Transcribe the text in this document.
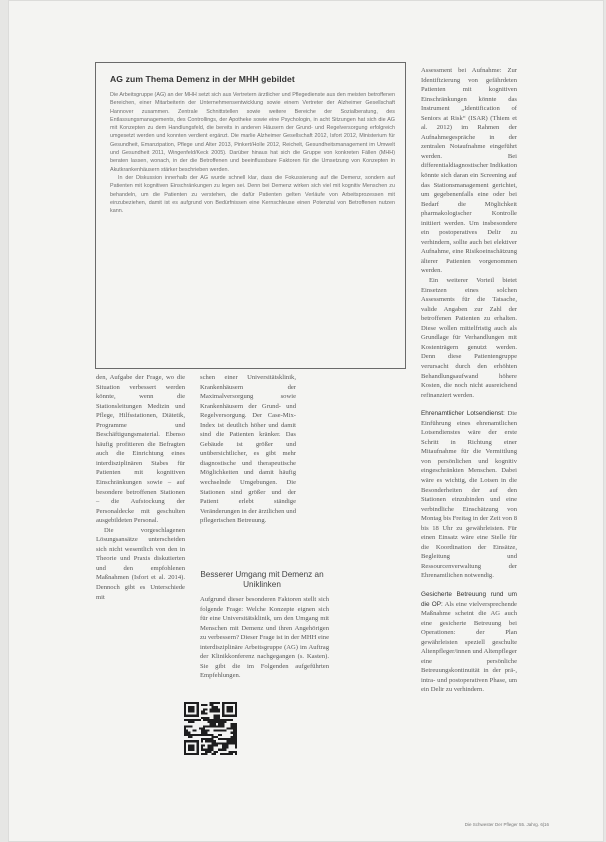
AG zum Thema Demenz in der MHH gebildet

Die Arbeitsgruppe (AG) an der MHH setzt sich aus Vertretern ärztlicher und Pflegedienste aus den meisten betroffenen Bereichen, einer Mitarbeiterin der Unternehmensentwicklung sowie einem Vertreter der Alzheimer Gesellschaft Hannover zusammen. Zentrale Schnittstellen sowie weitere Bereiche der Sozialberatung, des Entlassungsmanagements, des Controllings, der Apotheke sowie eine Psychologin, in acht Sitzungen hat sich die AG mit Konzepten zu dem Handlungsfeld, die bereits in anderen Häusern der Grund- und Regelversorgung erfolgreich umgesetzt werden und konnten verdient ergänzt. Die marlie Alzheimer Gesellschaft 2012, Isfort 2012, Ministerium für Gesundheit, Emanzipation, Pflege und Alter 2013, Pinkert/Holle 2012, Reichelt, Gesundheitsmanagement im Umwelt und Gesundheit 2011, Wingenfeld/Keck 2005). Darüber hinaus hat sich die Gruppe von konkreten Fällen (MHH) beraten lassen, wonach, in der die Betroffenen und beeinflussbare Faktoren für die Umsetzung von Konzepten in Akutkrankenhäusern stärker beschrieben werden.

In der Diskussion innerhalb der AG wurde schnell klar, dass die Fokussierung auf die Demenz, sondern auf Patienten mit kognitiven Einschränkungen zu legen sei. Denn bei Demenz wirken sich viel mit kognitiv Menschen zu behandeln, um die Patienten zu verstehen, die dafür Patienten gelten Verläufe von Arbeitsprozessen mit einzubeziehen, damit ist es aufgrund von Bedürfnissen eine Kernschleuse einen Potenzial von Betroffenen nutzen kann.

den, Aufgabe der Frage, wo die Situation verbessert werden könnte, wenn die Stationsleitungen Medizin und Pflege, Hilfsstationen, Diätetik, Programme und Beschäftigungsmaterial. Ebenso häufig profitieren die Befragten auch die Einrichtung eines interdisziplinären Stabes für Patienten mit kognitiven Einschränkungen sowie – auf besondere betroffenen Stationen – die Aufstockung der Personaldecke mit geschulten ausgebildeten Personal.

Die vorgeschlagenen Lösungsansätze unterscheiden sich nicht wesentlich von den in Theorie und Praxis diskutierten und den empfohlenen Maßnahmen (Isfort et al. 2014). Dennoch gibt es Unterschiede mit

schen einer Universitätsklinik, Krankenhäusern der Maximalversorgung sowie Krankenhäusern der Grund- und Regelversorgung. Der Case-Mix-Index ist deutlich höher und damit sind die Patienten kränker. Das Gebäude ist größer und unübersichtlicher, es gibt mehr diagnostische und therapeutische Möglichkeiten und damit häufig wechselnde Umgebungen. Die Stationen sind größer und der Patient erlebt ständige Veränderungen in der ärztlichen und pflegerischen Betreuung.

Besserer Umgang mit Demenz an Uniklinken

Aufgrund dieser besonderen Faktoren stellt sich folgende Frage: Welche Konzepte eignen sich für eine Universitätsklinik, um den Umgang mit Menschen mit Demenz und ihren Angehörigen zu verbessern? Dieser Frage ist in der MHH eine interdisziplinäre Arbeitsgruppe (AG) im Auftrag der Klinikkonferenz nachgegangen (s. Kasten). Sie gibt die im Folgenden aufgeführten Empfehlungen.

Assessment bei Aufnahme: Zur Identifizierung von gefährdeten Patienten mit kognitiven Einschränkungen könnte das Instrument „Identification of Seniors at Risk“ (ISAR) (Thiem et al. 2012) im Rahmen der Aufnahmegespräche in der zentralen Notaufnahme eingeführt werden. Bei differentialdiagnostischer Indikation könnte sich daran ein Screening auf das Stationsmanagement gerichtet, um gegebenenfalls eine oder bei Bedarf die Möglichkeit pharmakologischer Kontrolle initiiert werden. Um insbesondere ein postoperatives Delir zu verhindern, sollte auch bei elektiver Aufnahme, eine Risikoeinschätzung älterer Patienten vorgenommen werden.

Ein weiterer Vorteil bietet Einsetzen eines solchen Assessments für die Tatsache, valide Angaben zur Zahl der betroffenen Patienten zu erhalten. Diese wollen mittelfristig auch als Grundlage für Verhandlungen mit Kostenträgern genutzt werden. Denn diese Patientengruppe verursacht durch den erhöhten Behandlungsaufwand höhere Kosten, die noch nicht ausreichend refinanziert werden.

Ehrenamtlicher Lotsendienst: Die Einführung eines ehrenamtlichen Lotsendienstes wäre der erste Schritt in Richtung einer Mitaufnahme für die Vermittlung von persönlichen und kognitiv eingeschränkten Menschen. Dabei wäre es wichtig, die Lotsen in die Besonderheiten der auf den Stationen einzubinden und eine verbindliche Einschätzung von Montag bis Freitag in der Zeit von 8 bis 18 Uhr zu gewährleisten. Für einen Einsatz wäre eine Stelle für die Koordination der Einsätze, Begleitung und Ressourcenverwaltung der Ehrenamtlichen notwendig.

Gesicherte Betreuung rund um die OP: Als eine vielversprechende Maßnahme scheint die AG auch eine gesicherte Betreuung bei Operationen: der Plan gewährleisten speziell geschulte Altenpfleger/innen und Altenpfleger eine persönliche Betreuungskontinuität in der prä-, intra- und postoperativen Phase, um ein Delir zu verhindern.

Die Schwester Der Pfleger 55. Jahrg. 6|16
